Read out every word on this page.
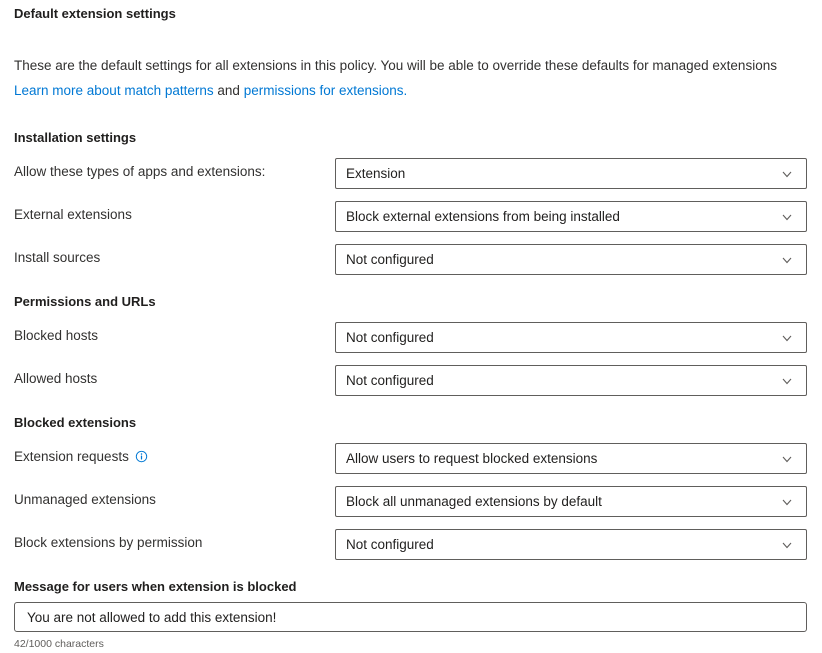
Default extension settings
These are the default settings for all extensions in this policy. You will be able to override these defaults for managed extensions
Learn more about match patterns and permissions for extensions.
Installation settings
Allow these types of apps and extensions:	Extension
External extensions	Block external extensions from being installed
Install sources	Not configured
Permissions and URLs
Blocked hosts	Not configured
Allowed hosts	Not configured
Blocked extensions
Extension requests	Allow users to request blocked extensions
Unmanaged extensions	Block all unmanaged extensions by default
Block extensions by permission	Not configured
Message for users when extension is blocked
You are not allowed to add this extension!
42/1000 characters
